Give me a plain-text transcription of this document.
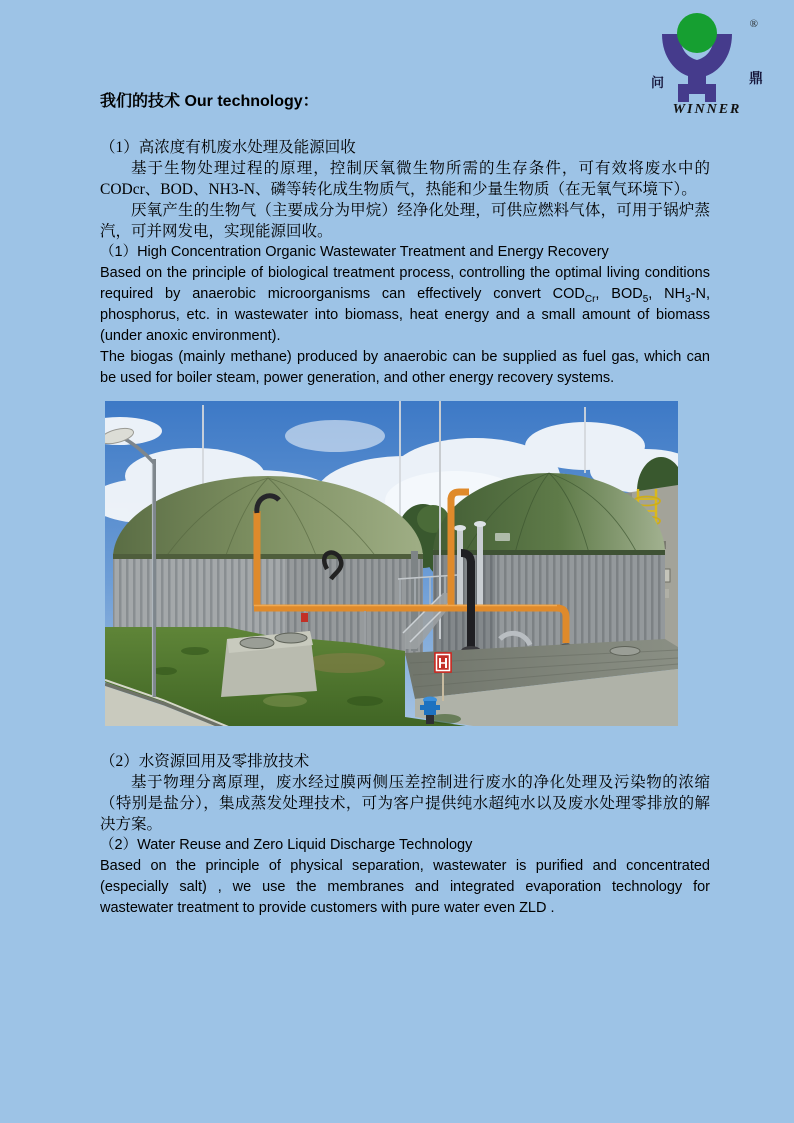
®
问	鼎
WINNER
我们的技术 Our technology：

（1）高浓度有机废水处理及能源回收

基于生物处理过程的原理，控制厌氧微生物所需的生存条件，可有效将废水中的CODcr、BOD、NH3-N、磷等转化成生物质气，热能和少量生物质（在无氧气环境下）。

厌氧产生的生物气（主要成分为甲烷）经净化处理，可供应燃料气体，可用于锅炉蒸汽，可并网发电，实现能源回收。

（1）High Concentration Organic Wastewater Treatment and Energy Recovery

Based on the principle of biological treatment process, controlling the optimal living conditions required by anaerobic microorganisms can effectively convert $COD_{Cr}$, $BOD_5$, $NH_3-N$, phosphorus, etc. in wastewater into biomass, heat energy and a small amount of biomass (under anoxic environment).

The biogas (mainly methane) produced by anaerobic can be supplied as fuel gas, which can be used for boiler steam, power generation, and other energy recovery systems.

（2）水资源回用及零排放技术

基于物理分离原理，废水经过膜两侧压差控制进行废水的净化处理及污染物的浓缩（特别是盐分），集成蒸发处理技术，可为客户提供纯水超纯水以及废水处理零排放的解决方案。

（2）Water Reuse and Zero Liquid Discharge Technology

Based on the principle of physical separation, wastewater is purified and concentrated (especially salt) , we use the membranes and integrated evaporation technology for wastewater treatment to provide customers with pure water even ZLD .
